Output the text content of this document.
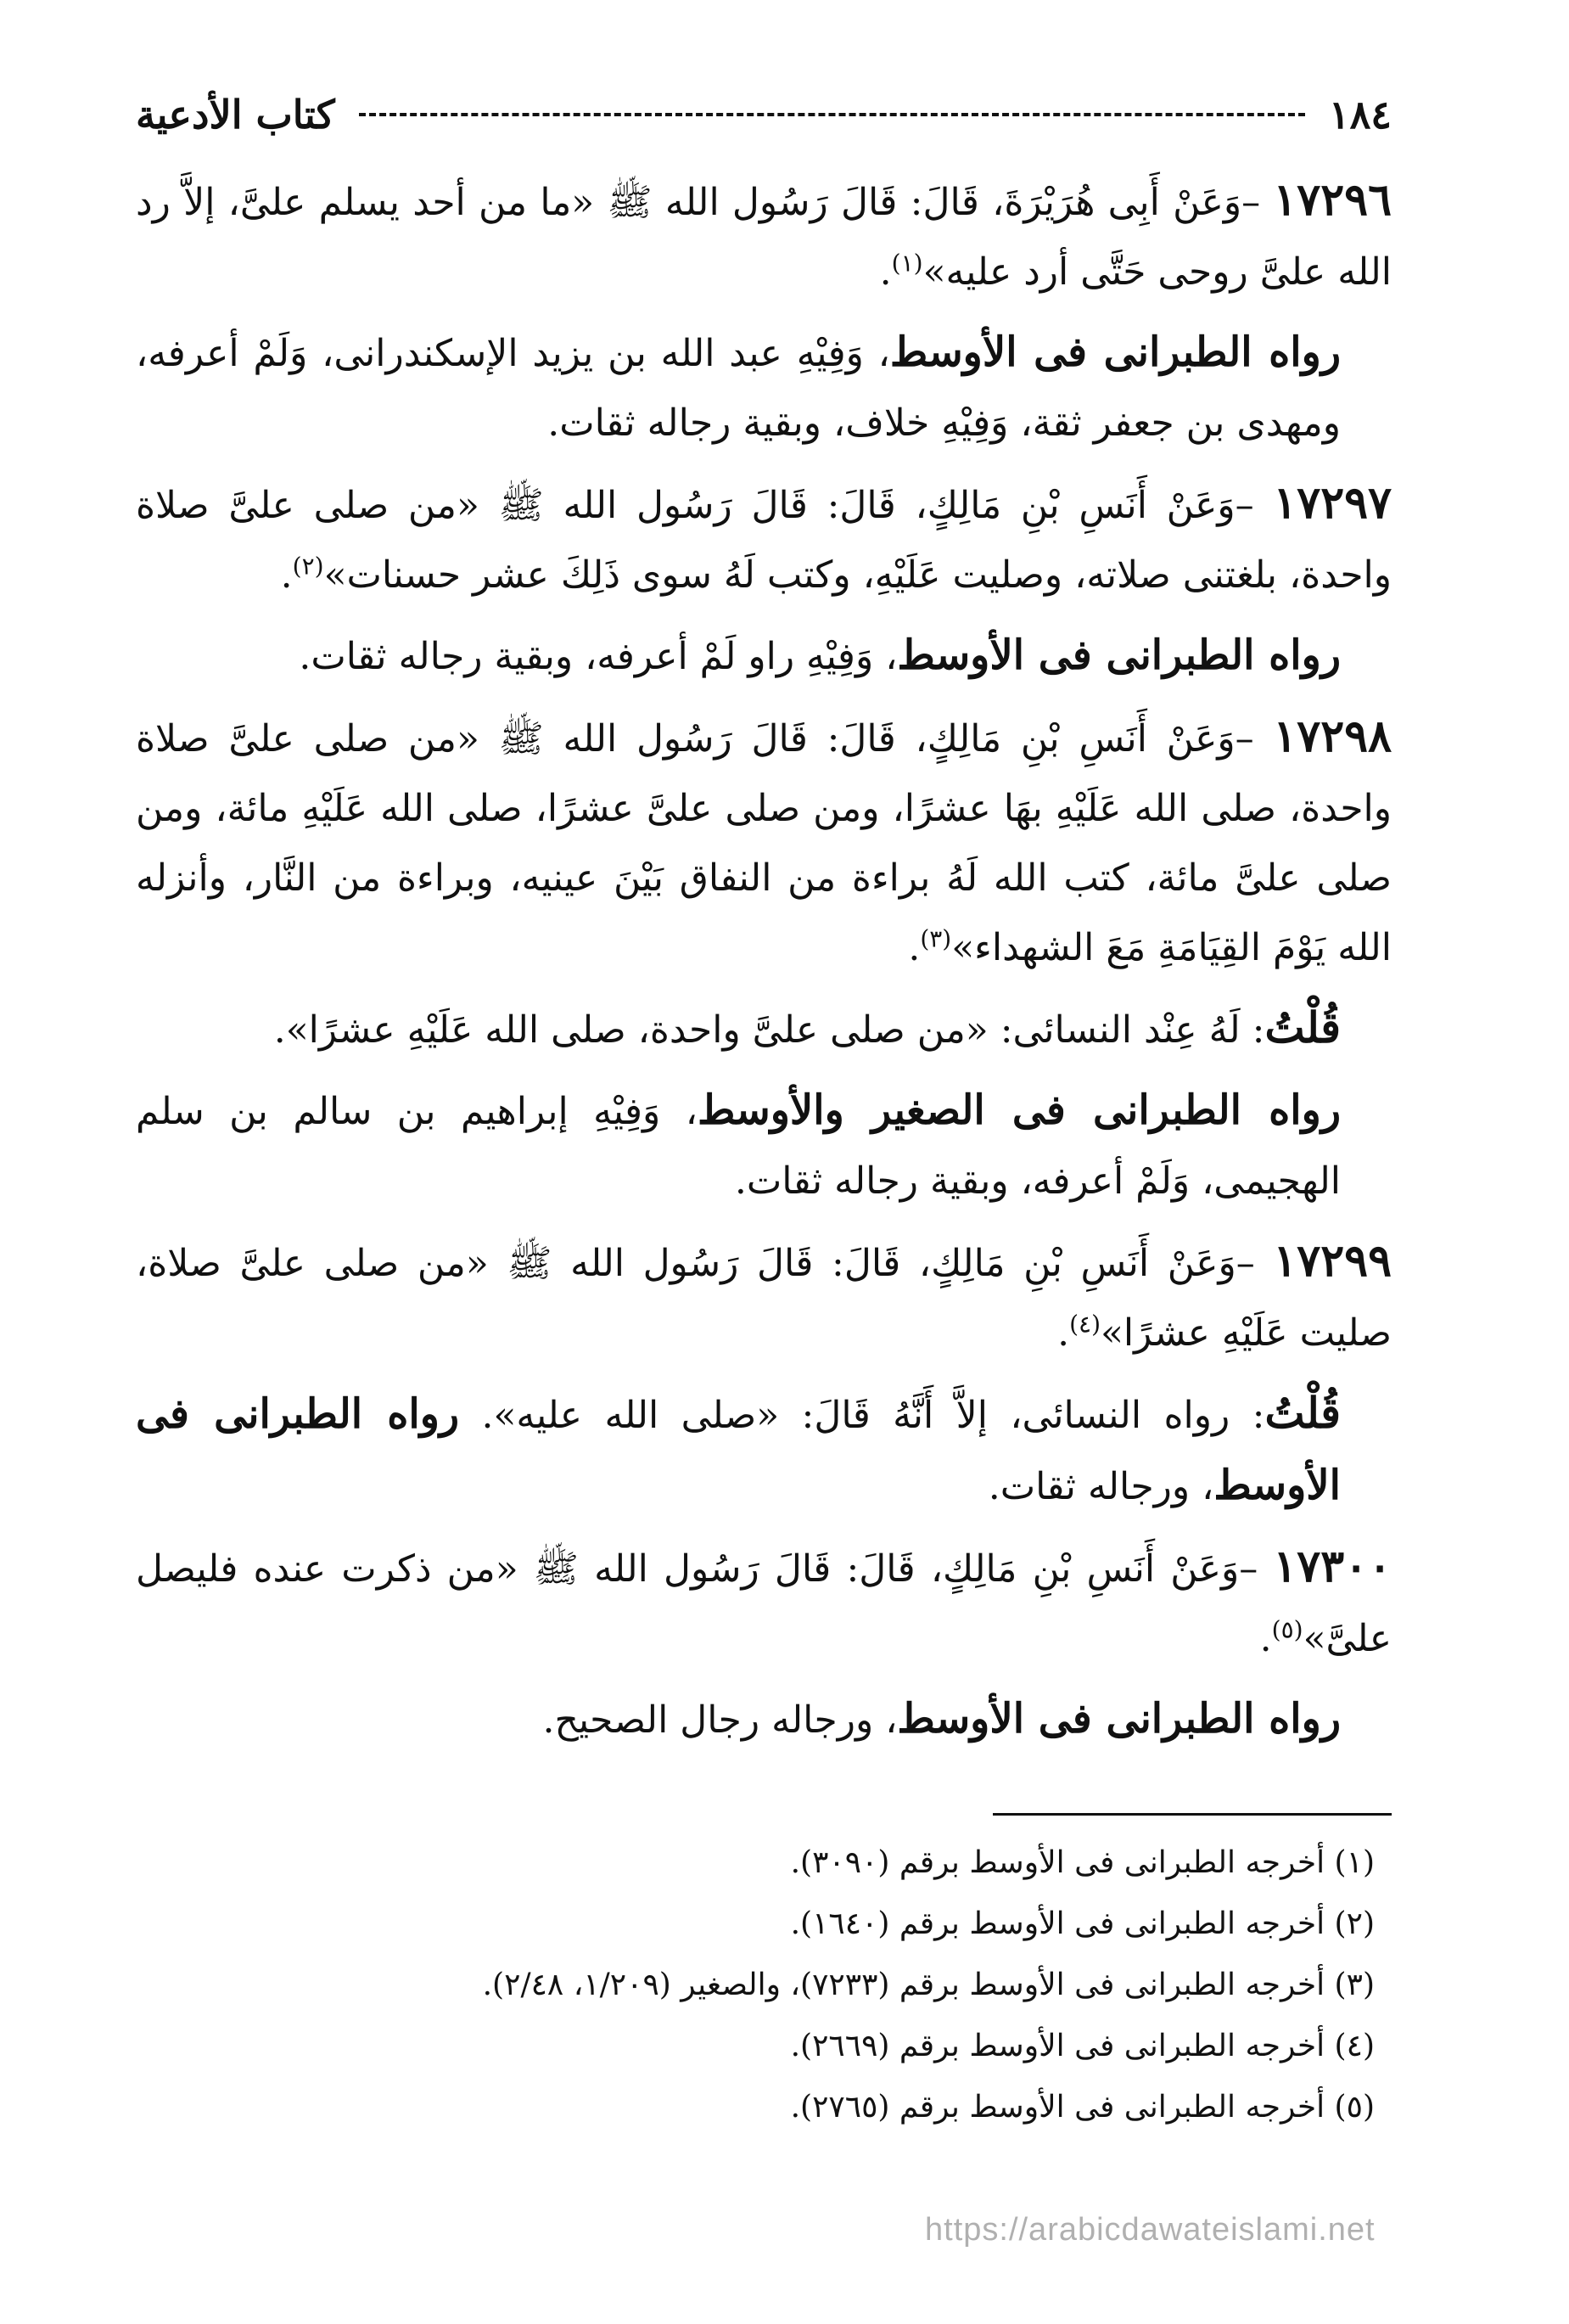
١٨٤
كتاب الأدعية

١٧٢٩٦ –وَعَنْ أَبِى هُرَيْرَةَ، قَالَ: قَالَ رَسُول الله ﷺ «ما من أحد يسلم علىَّ، إلاَّ رد الله علىَّ روحى حَتَّى أرد عليه»$^{(١)}$.

رواه الطبرانى فى الأوسط، وَفِيْهِ عبد الله بن يزيد الإسكندرانى، وَلَمْ أعرفه، ومهدى بن جعفر ثقة، وَفِيْهِ خلاف، وبقية رجاله ثقات.

١٧٢٩٧ –وَعَنْ أَنَسِ بْنِ مَالِكٍ، قَالَ: قَالَ رَسُول الله ﷺ «من صلى علىَّ صلاة واحدة، بلغتنى صلاته، وصليت عَلَيْهِ، وكتب لَهُ سوى ذَلِكَ عشر حسنات»$^{(٢)}$.

رواه الطبرانى فى الأوسط، وَفِيْهِ راو لَمْ أعرفه، وبقية رجاله ثقات.

١٧٢٩٨ –وَعَنْ أَنَسِ بْنِ مَالِكٍ، قَالَ: قَالَ رَسُول الله ﷺ «من صلى علىَّ صلاة واحدة، صلى الله عَلَيْهِ بهَا عشرًا، ومن صلى علىَّ عشرًا، صلى الله عَلَيْهِ مائة، ومن صلى علىَّ مائة، كتب الله لَهُ براءة من النفاق بَيْنَ عينيه، وبراءة من النَّار، وأنزله الله يَوْمَ القِيَامَةِ مَعَ الشهداء»$^{(٣)}$.

قُلْتُ: لَهُ عِنْد النسائى: «من صلى علىَّ واحدة، صلى الله عَلَيْهِ عشرًا».

رواه الطبرانى فى الصغير والأوسط، وَفِيْهِ إبراهيم بن سالم بن سلم الهجيمى، وَلَمْ أعرفه، وبقية رجاله ثقات.

١٧٢٩٩ –وَعَنْ أَنَسِ بْنِ مَالِكٍ، قَالَ: قَالَ رَسُول الله ﷺ «من صلى علىَّ صلاة، صليت عَلَيْهِ عشرًا»$^{(٤)}$.

قُلْتُ: رواه النسائى، إلاَّ أَنَّهُ قَالَ: «صلى الله عليه». رواه الطبرانى فى الأوسط، ورجاله ثقات.

١٧٣٠٠ –وَعَنْ أَنَسِ بْنِ مَالِكٍ، قَالَ: قَالَ رَسُول الله ﷺ «من ذكرت عنده فليصل علىَّ»$^{(٥)}$.

رواه الطبرانى فى الأوسط، ورجاله رجال الصحيح.

(١) أخرجه الطبرانى فى الأوسط برقم (٣٠٩٠).
(٢) أخرجه الطبرانى فى الأوسط برقم (١٦٤٠).
(٣) أخرجه الطبرانى فى الأوسط برقم (٧٢٣٣)، والصغير (١/٢٠٩، ٢/٤٨).
(٤) أخرجه الطبرانى فى الأوسط برقم (٢٦٦٩).
(٥) أخرجه الطبرانى فى الأوسط برقم (٢٧٦٥).
https://arabicdawateislami.net
